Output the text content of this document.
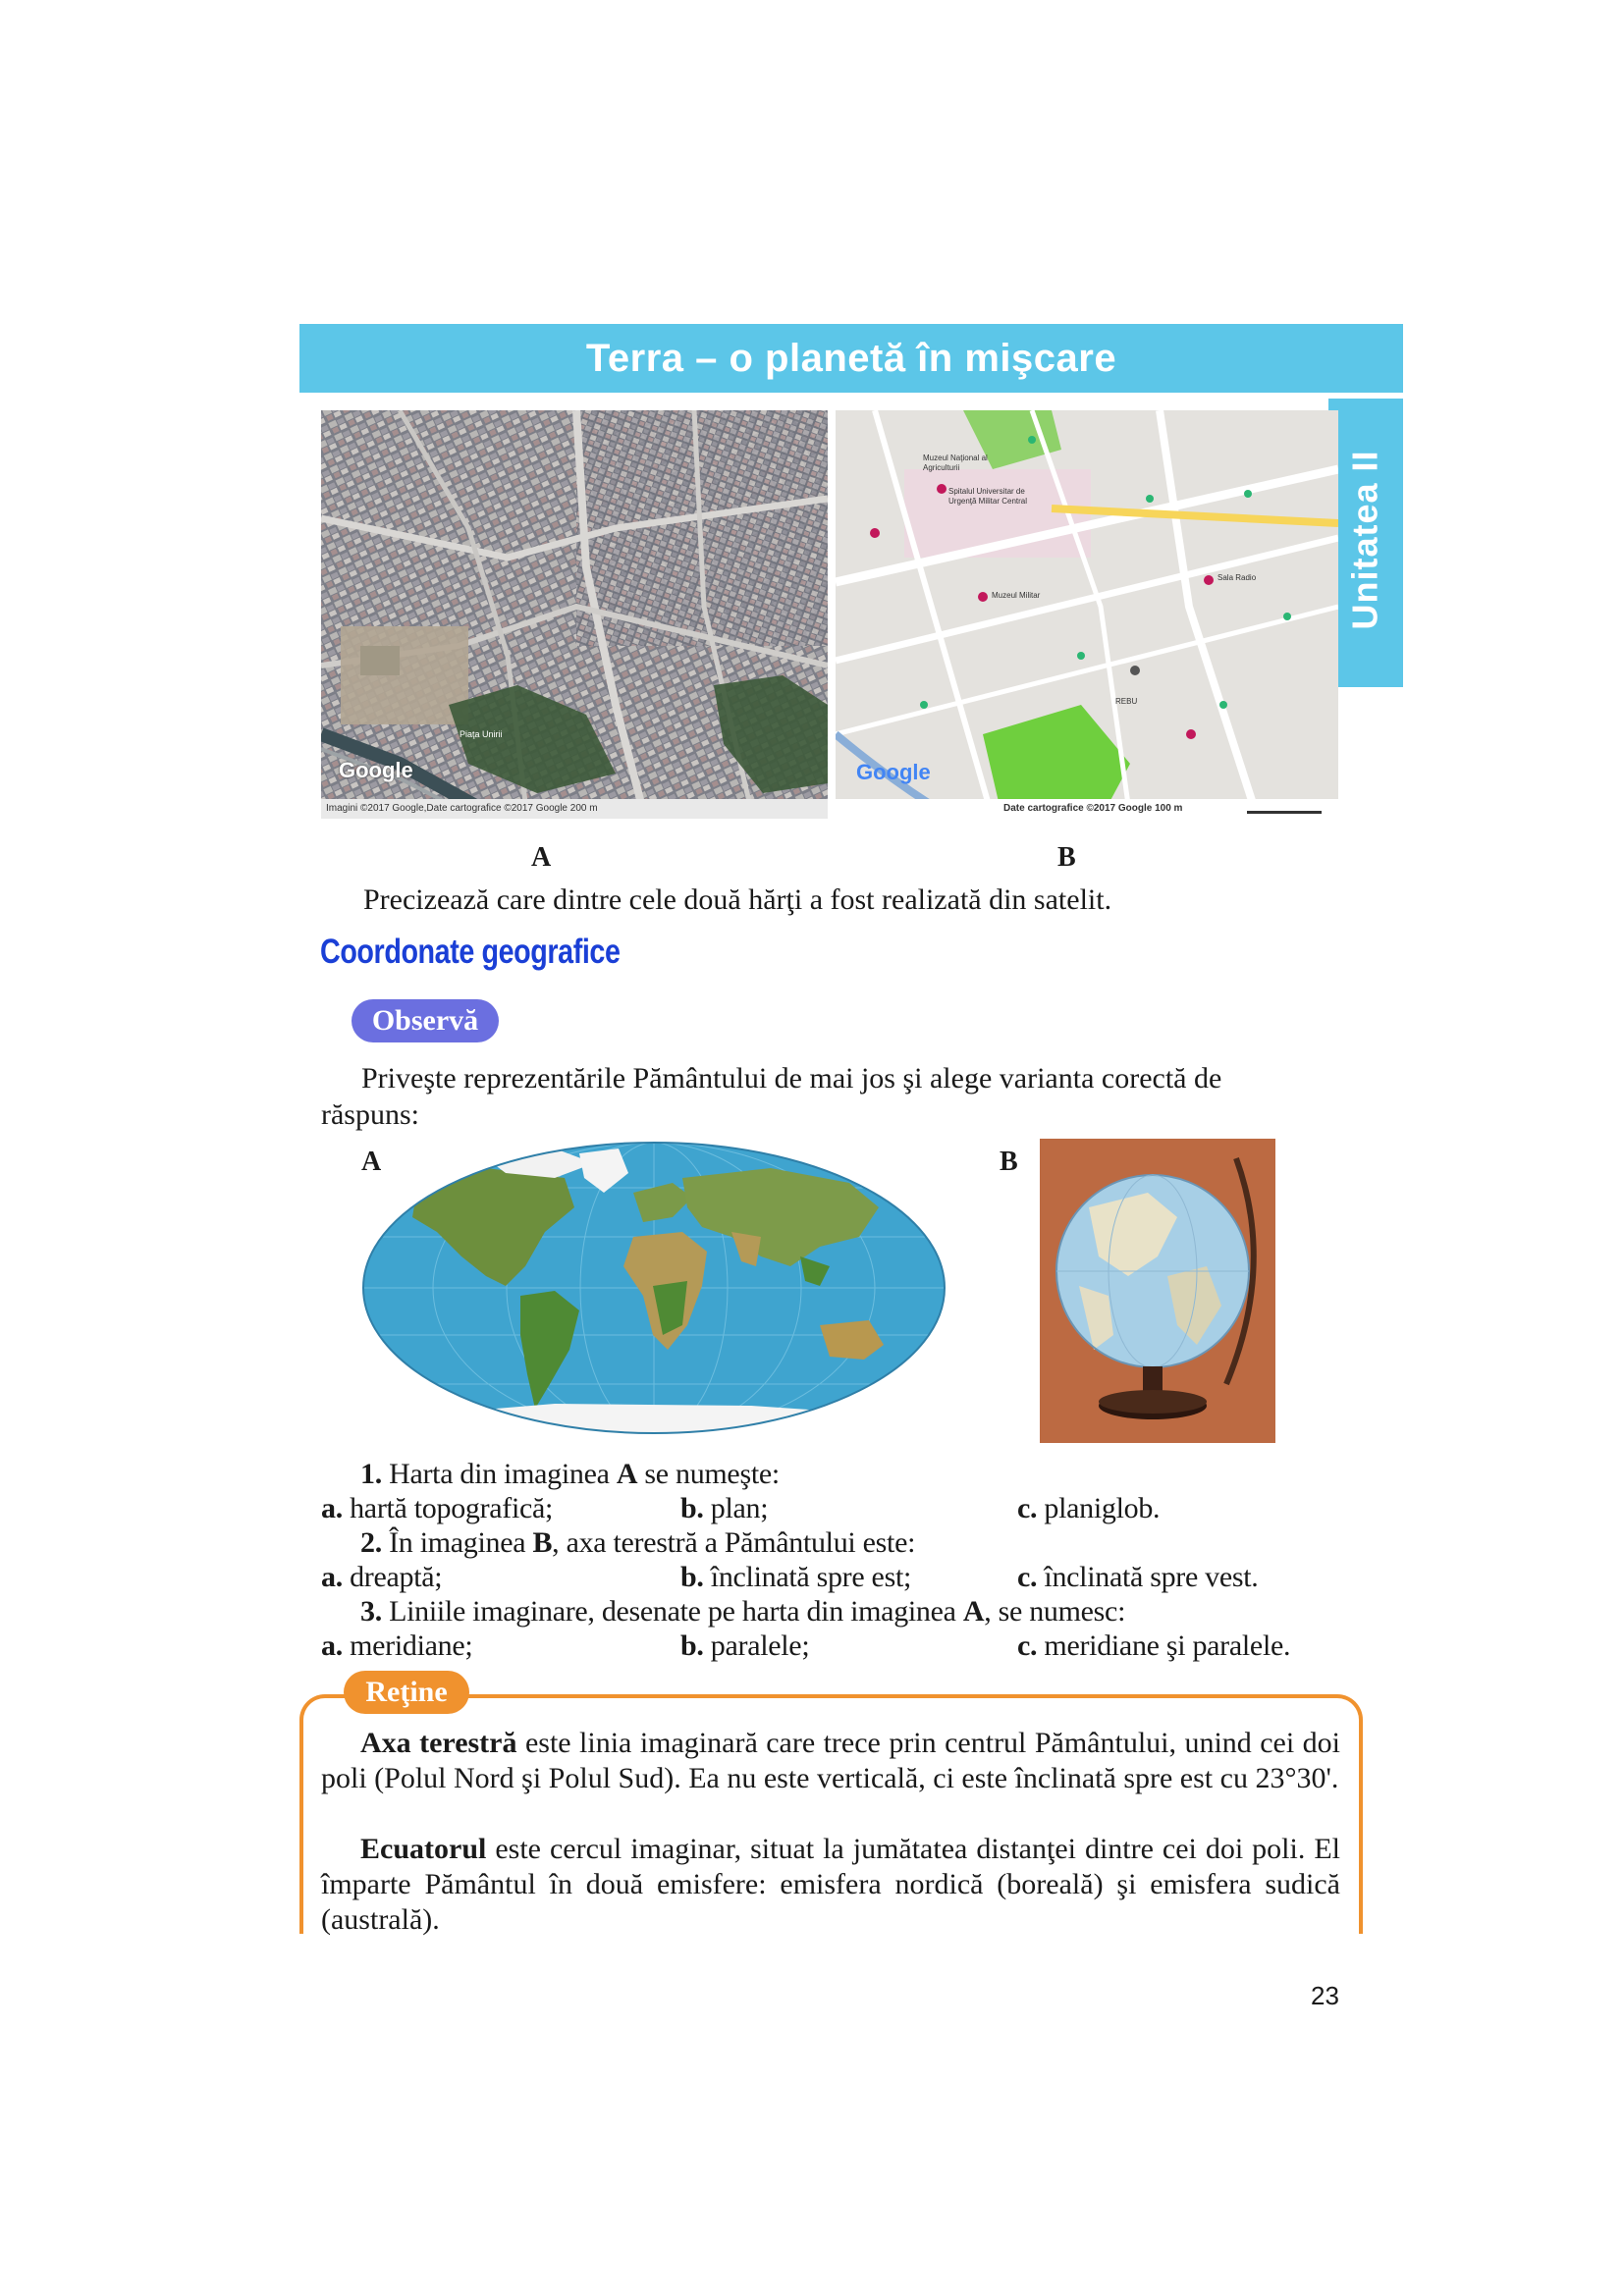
Terra – o planetă în mişcare
Unitatea II
Google
Imagini ©2017 Google,Date cartografice ©2017 Google 200 m
Piaţa Unirii
Muzeul Naţional al Agriculturii
Spitalul Universitar de Urgenţă Militar Central
Muzeul Militar
REBU
Sala Radio
Google
Date cartografice ©2017 Google 100 m
A	B
Precizează care dintre cele două hărţi a fost realizată din satelit.
Coordonate geografice
Observă
Priveşte reprezentările Pământului de mai jos şi alege varianta corectă de
răspuns:
A	B
1. Harta din imaginea A se numeşte:
a. hartă topografică;	b. plan;	c. planiglob.
2. În imaginea B, axa terestră a Pământului este:
a. dreaptă;	b. înclinată spre est;	c. înclinată spre vest.
3. Liniile imaginare, desenate pe harta din imaginea A, se numesc:
a. meridiane;	b. paralele;	c. meridiane şi paralele.
Reţine
Axa terestră este linia imaginară care trece prin centrul Pământului, unind cei doi poli (Polul Nord şi Polul Sud). Ea nu este verticală, ci este înclinată spre est cu 23°30'.
Ecuatorul este cercul imaginar, situat la jumătatea distanţei dintre cei doi poli. El împarte Pământul în două emisfere: emisfera nordică (boreală) şi emisfera sudică (australă).
23
